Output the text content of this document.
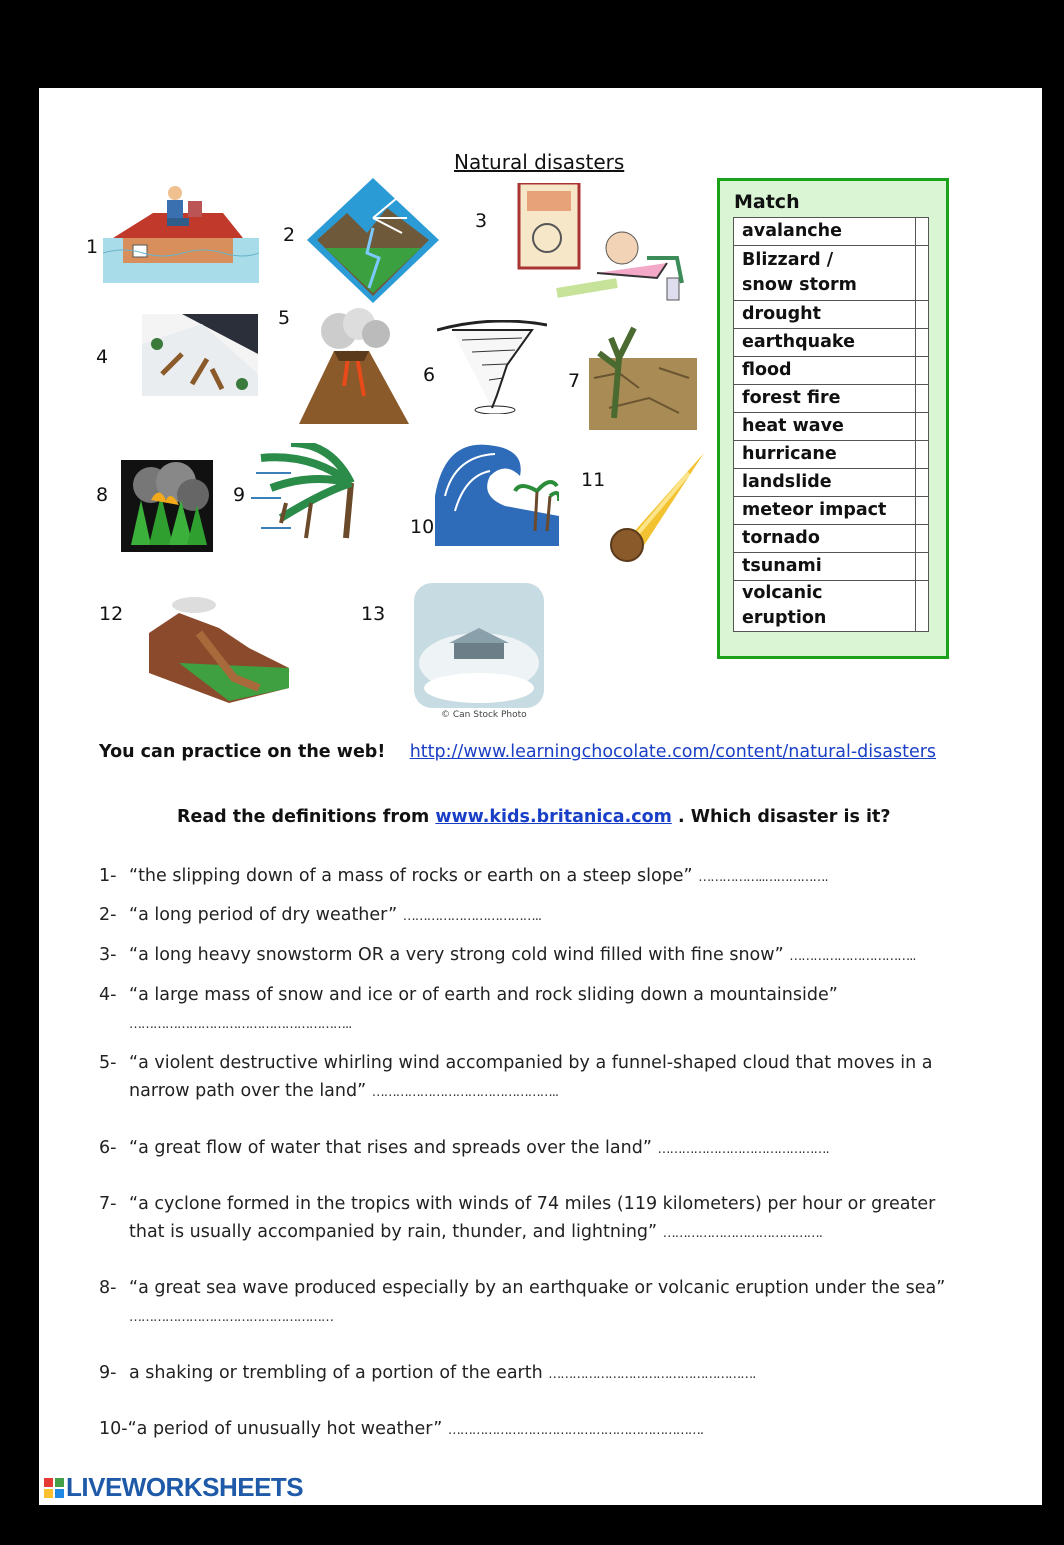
Natural disasters
1
2
3
4
5
6	7
8	9
10
11
12	13
© Can Stock Photo
Match
avalanche	
Blizzard /
snow storm	
drought	
earthquake	
flood	
forest fire	
heat wave	
hurricane	
landslide	
meteor impact	
tornado	
tsunami	
volcanic eruption	
You can practice on the web! http://www.learningchocolate.com/content/natural-disasters
Read the definitions from www.kids.britanica.com . Which disaster is it?
1- “the slipping down of a mass of rocks or earth on a steep slope” ……………..…………….
2- “a long period of dry weather” ……………………………..
3- “a long heavy snowstorm OR a very strong cold wind filled with fine snow” …………………………..
4- “a large mass of snow and ice or of earth and rock sliding down a mountainside”
………………………………………………..
5- “a violent destructive whirling wind accompanied by a funnel-shaped cloud that moves in a narrow path over the land” ………………………………………..
6- “a great flow of water that rises and spreads over the land” …………………………………….
7- “a cyclone formed in the tropics with winds of 74 miles (119 kilometers) per hour or greater that is usually accompanied by rain, thunder, and lightning” ………………………………….
8- “a great sea wave produced especially by an earthquake or volcanic eruption under the sea” ……………………………………………
9- a shaking or trembling of a portion of the earth …………………………………………….
10-“a period of unusually hot weather” ……………………………………………………….
LIVEWORKSHEETS
